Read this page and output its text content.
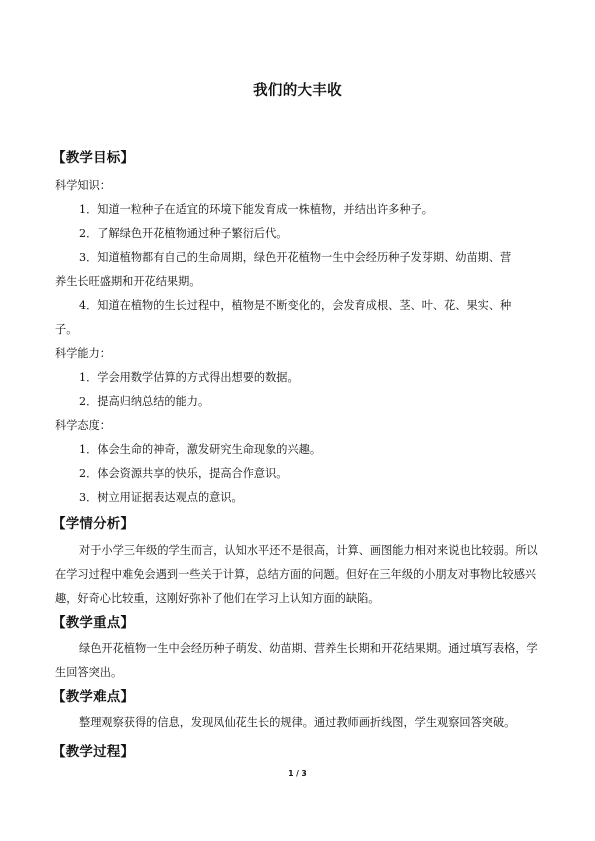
我们的大丰收
【教学目标】
科学知识：
1．知道一粒种子在适宜的环境下能发育成一株植物，并结出许多种子。
2．了解绿色开花植物通过种子繁衍后代。
3．知道植物都有自己的生命周期，绿色开花植物一生中会经历种子发芽期、幼苗期、营
养生长旺盛期和开花结果期。
4．知道在植物的生长过程中，植物是不断变化的，会发育成根、茎、叶、花、果实、种
子。
科学能力：
1．学会用数学估算的方式得出想要的数据。
2．提高归纳总结的能力。
科学态度：
1．体会生命的神奇，激发研究生命现象的兴趣。
2．体会资源共享的快乐，提高合作意识。
3．树立用证据表达观点的意识。
【学情分析】
对于小学三年级的学生而言，认知水平还不是很高，计算、画图能力相对来说也比较弱。所以在学习过程中难免会遇到一些关于计算，总结方面的问题。但好在三年级的小朋友对事物比较感兴趣，好奇心比较重，这刚好弥补了他们在学习上认知方面的缺陷。
【教学重点】
绿色开花植物一生中会经历种子萌发、幼苗期、营养生长期和开花结果期。通过填写表格，学生回答突出。
【教学难点】
整理观察获得的信息，发现凤仙花生长的规律。通过教师画折线图，学生观察回答突破。
【教学过程】
1 / 3
